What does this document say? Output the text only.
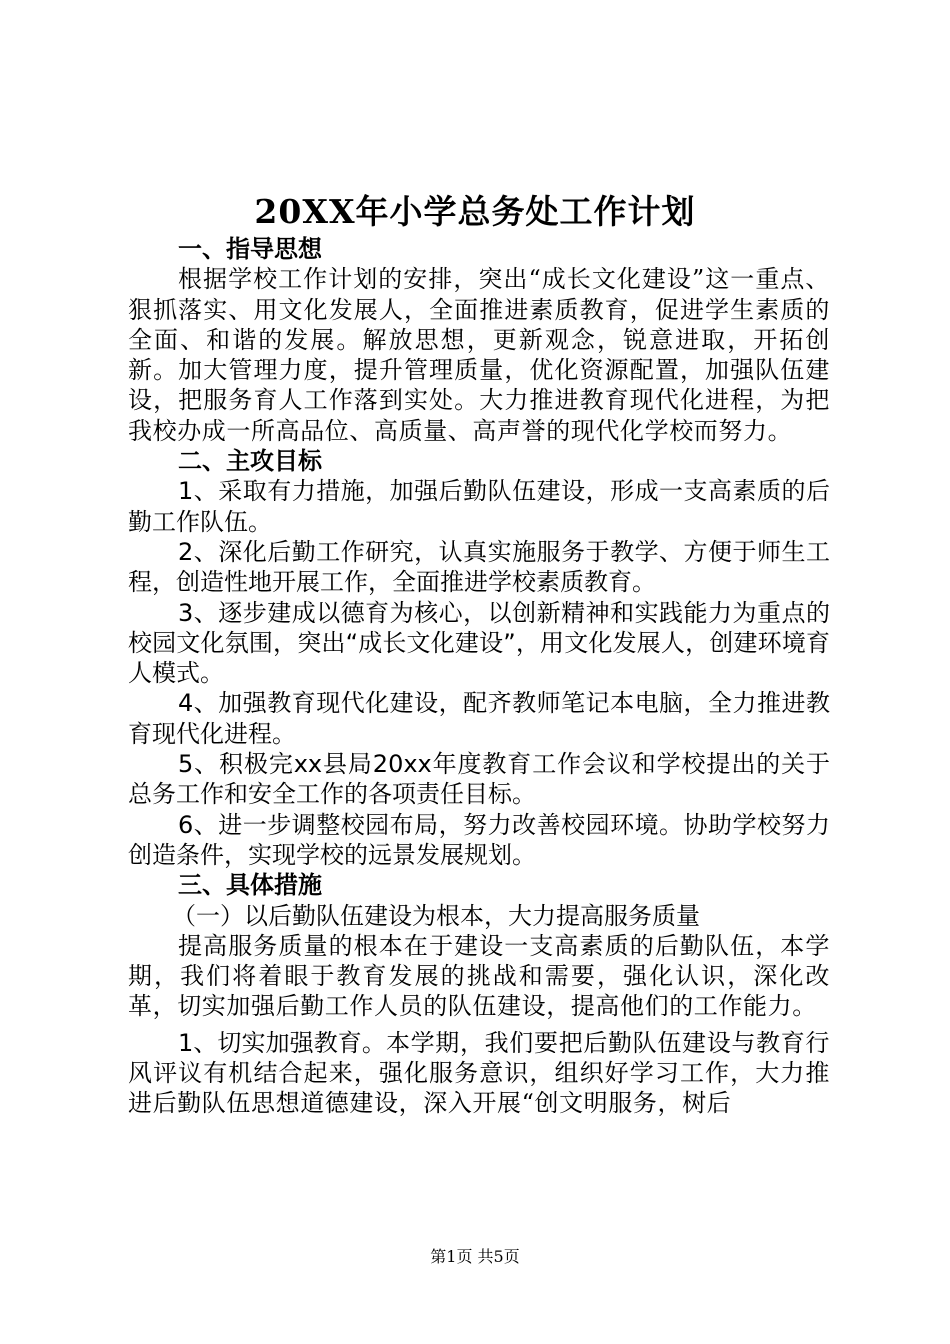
20XX年小学总务处工作计划

一、指导思想

根据学校工作计划的安排，突出“成长文化建设”这一重点、狠抓落实、用文化发展人，全面推进素质教育，促进学生素质的全面、和谐的发展。解放思想，更新观念，锐意进取，开拓创新。加大管理力度，提升管理质量，优化资源配置，加强队伍建设，把服务育人工作落到实处。大力推进教育现代化进程，为把我校办成一所高品位、高质量、高声誉的现代化学校而努力。

二、主攻目标

1、采取有力措施，加强后勤队伍建设，形成一支高素质的后勤工作队伍。

2、深化后勤工作研究，认真实施服务于教学、方便于师生工程，创造性地开展工作，全面推进学校素质教育。

3、逐步建成以德育为核心，以创新精神和实践能力为重点的校园文化氛围，突出“成长文化建设”，用文化发展人，创建环境育人模式。

4、加强教育现代化建设，配齐教师笔记本电脑，全力推进教育现代化进程。

5、积极完xx县局20xx年度教育工作会议和学校提出的关于总务工作和安全工作的各项责任目标。

6、进一步调整校园布局，努力改善校园环境。协助学校努力创造条件，实现学校的远景发展规划。

三、具体措施

（一）以后勤队伍建设为根本，大力提高服务质量

提高服务质量的根本在于建设一支高素质的后勤队伍，本学期，我们将着眼于教育发展的挑战和需要，强化认识，深化改革，切实加强后勤工作人员的队伍建设，提高他们的工作能力。

1、切实加强教育。本学期，我们要把后勤队伍建设与教育行风评议有机结合起来，强化服务意识，组织好学习工作，大力推进后勤队伍思想道德建设，深入开展“创文明服务，树后

第1页 共5页
